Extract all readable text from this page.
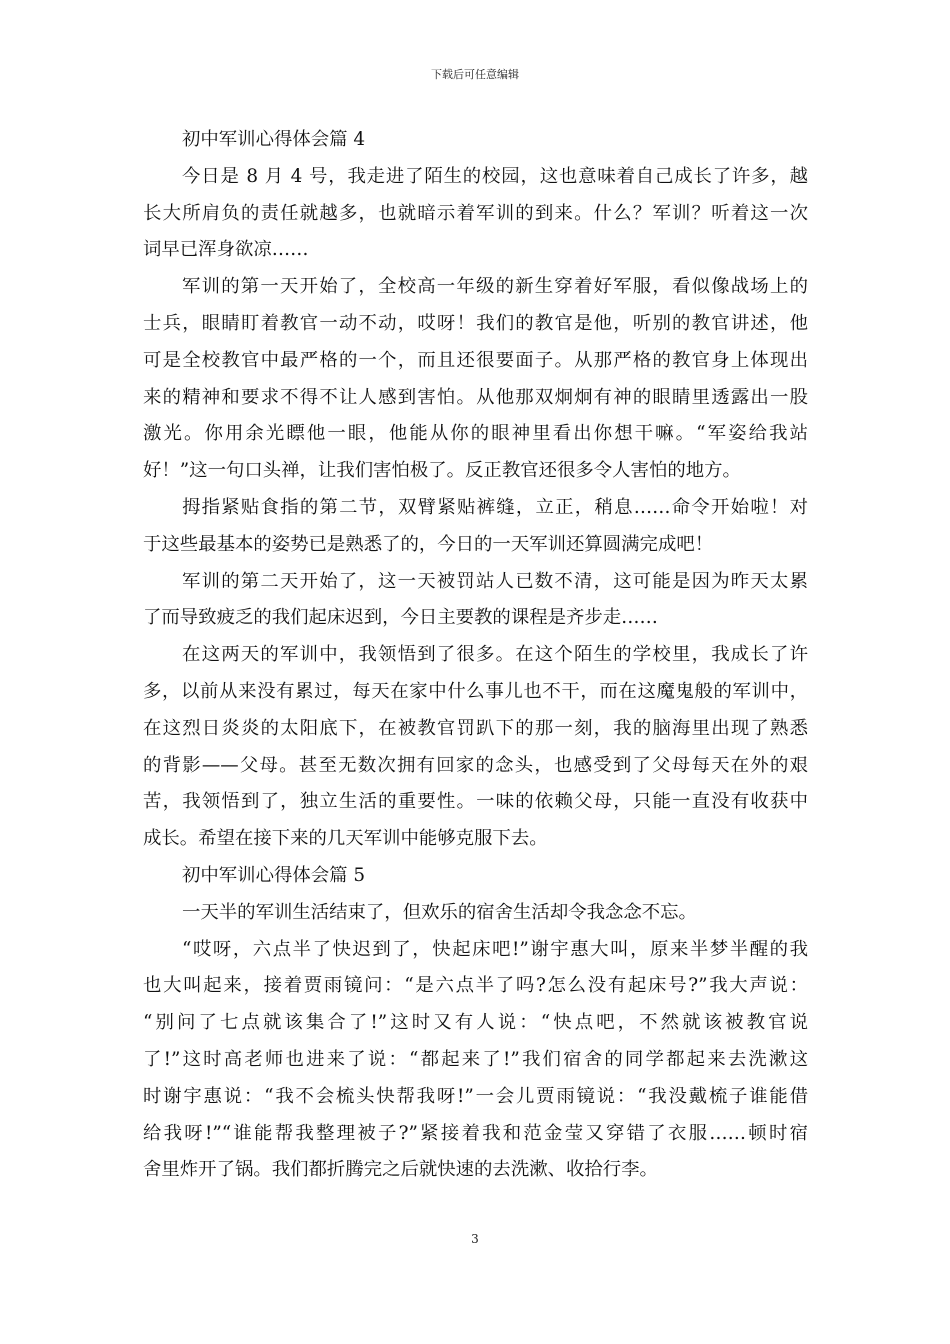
下载后可任意编辑
初中军训心得体会篇 4
今日是 8 月 4 号，我走进了陌生的校园，这也意味着自己成长了许多，越
长大所肩负的责任就越多，也就暗示着军训的到来。什么？军训？听着这一次
词早已浑身欲凉……
军训的第一天开始了，全校高一年级的新生穿着好军服，看似像战场上的
士兵，眼睛盯着教官一动不动，哎呀！我们的教官是他，听别的教官讲述，他
可是全校教官中最严格的一个，而且还很要面子。从那严格的教官身上体现出
来的精神和要求不得不让人感到害怕。从他那双炯炯有神的眼睛里透露出一股
激光。你用余光瞟他一眼，他能从你的眼神里看出你想干嘛。“军姿给我站
好！”这一句口头禅，让我们害怕极了。反正教官还很多令人害怕的地方。
拇指紧贴食指的第二节，双臂紧贴裤缝，立正，稍息……命令开始啦！对
于这些最基本的姿势已是熟悉了的，今日的一天军训还算圆满完成吧！
军训的第二天开始了，这一天被罚站人已数不清，这可能是因为昨天太累
了而导致疲乏的我们起床迟到，今日主要教的课程是齐步走……
在这两天的军训中，我领悟到了很多。在这个陌生的学校里，我成长了许
多，以前从来没有累过，每天在家中什么事儿也不干，而在这魔鬼般的军训中，
在这烈日炎炎的太阳底下，在被教官罚趴下的那一刻，我的脑海里出现了熟悉
的背影——父母。甚至无数次拥有回家的念头，也感受到了父母每天在外的艰
苦，我领悟到了，独立生活的重要性。一味的依赖父母，只能一直没有收获中
成长。希望在接下来的几天军训中能够克服下去。
初中军训心得体会篇 5
一天半的军训生活结束了，但欢乐的宿舍生活却令我念念不忘。
“哎呀，六点半了快迟到了，快起床吧!”谢宇惠大叫，原来半梦半醒的我
也大叫起来，接着贾雨镜问：“是六点半了吗?怎么没有起床号?”我大声说：
“别问了七点就该集合了!”这时又有人说：“快点吧，不然就该被教官说
了!”这时高老师也进来了说：“都起来了!”我们宿舍的同学都起来去洗漱这
时谢宇惠说：“我不会梳头快帮我呀!”一会儿贾雨镜说：“我没戴梳子谁能借
给我呀!”“谁能帮我整理被子?”紧接着我和范金莹又穿错了衣服……顿时宿
舍里炸开了锅。我们都折腾完之后就快速的去洗漱、收拾行李。
3
